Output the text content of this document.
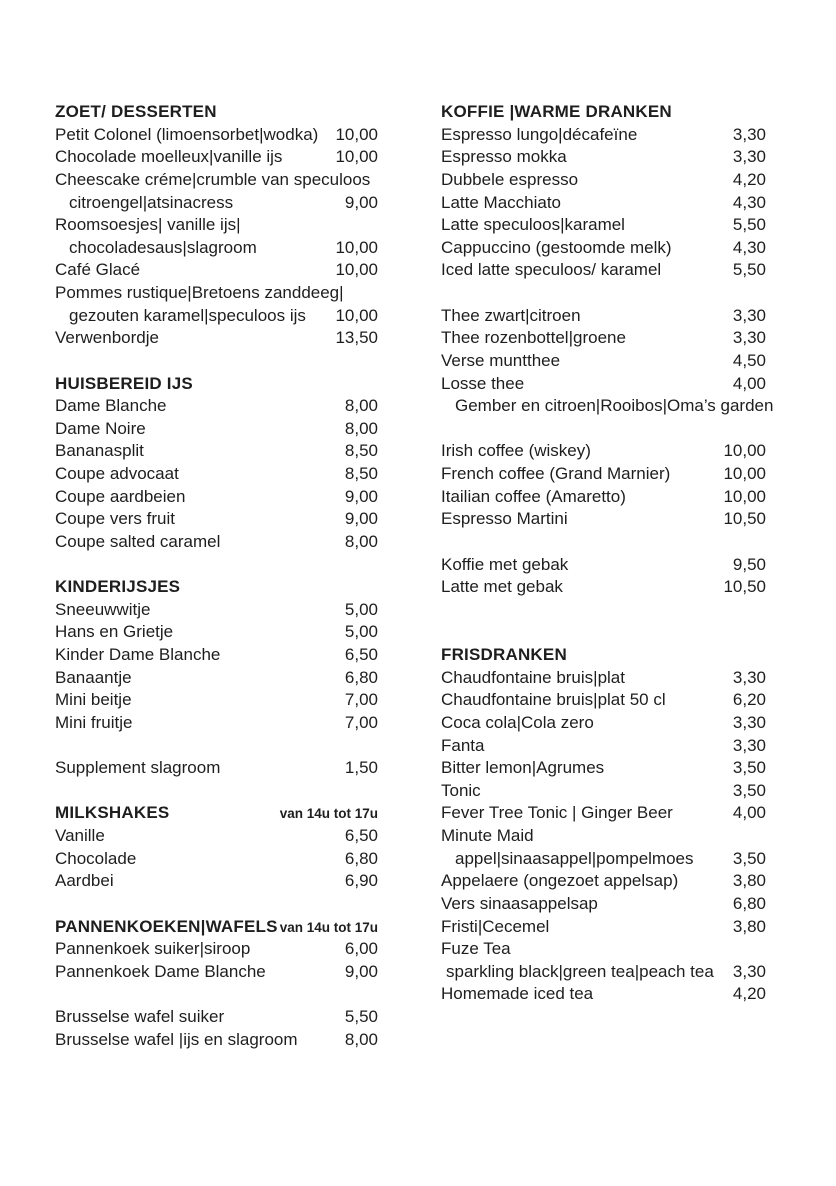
ZOET/ DESSERTEN
Petit Colonel (limoensorbet|wodka)	10,00
Chocolade moelleux|vanille ijs	10,00
Cheescake créme|crumble van speculoos
citroengel|atsinacress	9,00
Roomsoesjes| vanille ijs|
chocoladesaus|slagroom	10,00
Café Glacé	10,00
Pommes rustique|Bretoens zanddeeg|
gezouten karamel|speculoos ijs	10,00
Verwenbordje	13,50
HUISBEREID IJS
Dame Blanche	8,00
Dame Noire	8,00
Bananasplit	8,50
Coupe advocaat	8,50
Coupe aardbeien	9,00
Coupe vers fruit	9,00
Coupe salted caramel	8,00
KINDERIJSJES
Sneeuwwitje	5,00
Hans en Grietje	5,00
Kinder Dame Blanche	6,50
Banaantje	6,80
Mini beitje	7,00
Mini fruitje	7,00
Supplement slagroom	1,50
MILKSHAKES	van 14u tot 17u
Vanille	6,50
Chocolade	6,80
Aardbei	6,90
PANNENKOEKEN|WAFELS van 14u tot 17u
Pannenkoek suiker|siroop	6,00
Pannenkoek Dame Blanche	9,00
Brusselse wafel suiker	5,50
Brusselse wafel |ijs en slagroom	8,00
KOFFIE |WARME DRANKEN
Espresso lungo|décafeïne	3,30
Espresso mokka	3,30
Dubbele espresso	4,20
Latte Macchiato	4,30
Latte speculoos|karamel	5,50
Cappuccino (gestoomde melk)	4,30
Iced latte speculoos/ karamel	5,50
Thee zwart|citroen	3,30
Thee rozenbottel|groene	3,30
Verse muntthee	4,50
Losse thee	4,00
Gember en citroen|Rooibos|Oma’s garden
Irish coffee (wiskey)	10,00
French coffee (Grand Marnier)	10,00
Itailian coffee (Amaretto)	10,00
Espresso Martini	10,50
Koffie met gebak	9,50
Latte met gebak	10,50
FRISDRANKEN
Chaudfontaine bruis|plat	3,30
Chaudfontaine bruis|plat 50 cl	6,20
Coca cola|Cola zero	3,30
Fanta	3,30
Bitter lemon|Agrumes	3,50
Tonic	3,50
Fever Tree Tonic | Ginger Beer	4,00
Minute Maid
appel|sinaasappel|pompelmoes	3,50
Appelaere (ongezoet appelsap)	3,80
Vers sinaasappelsap	6,80
Fristi|Cecemel	3,80
Fuze Tea
sparkling black|green tea|peach tea	3,30
Homemade iced tea	4,20
